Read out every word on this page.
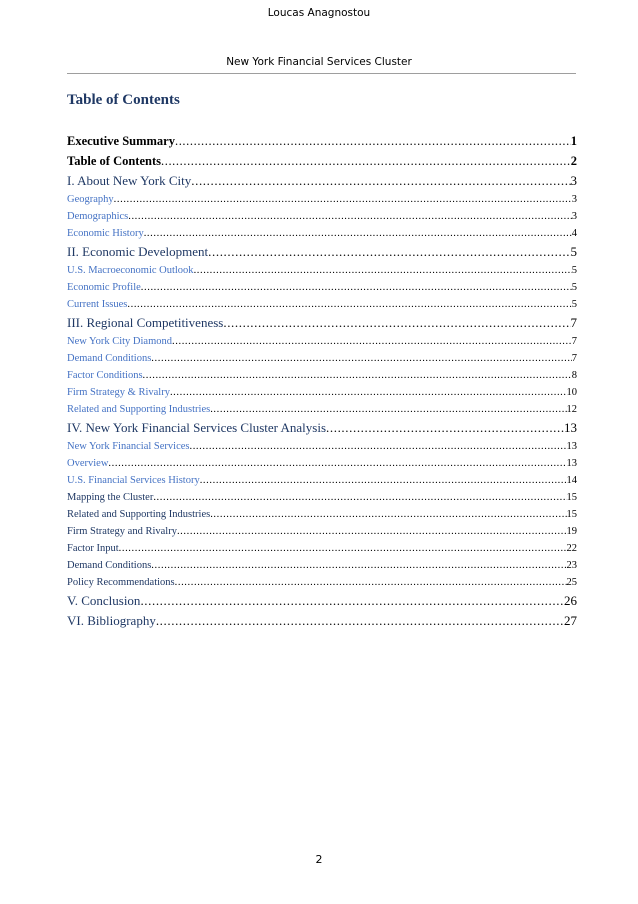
Loucas Anagnostou
New York Financial Services Cluster
Table of Contents
Executive Summary .....	1
Table of Contents .....	2
I. About New York City .....	3
Geography .....	3
Demographics .....	3
Economic History .....	4
II. Economic Development .....	5
U.S. Macroeconomic Outlook .....	5
Economic Profile .....	5
Current Issues .....	5
III. Regional Competitiveness .....	7
New York City Diamond .....	7
Demand Conditions .....	7
Factor Conditions .....	8
Firm Strategy & Rivalry .....	10
Related and Supporting Industries .....	12
IV. New York Financial Services Cluster Analysis .....	13
New York Financial Services .....	13
Overview .....	13
U.S. Financial Services History .....	14
Mapping the Cluster .....	15
Related and Supporting Industries .....	15
Firm Strategy and Rivalry .....	19
Factor Input .....	22
Demand Conditions .....	23
Policy Recommendations .....	25
V. Conclusion .....	26
VI. Bibliography .....	27
2
